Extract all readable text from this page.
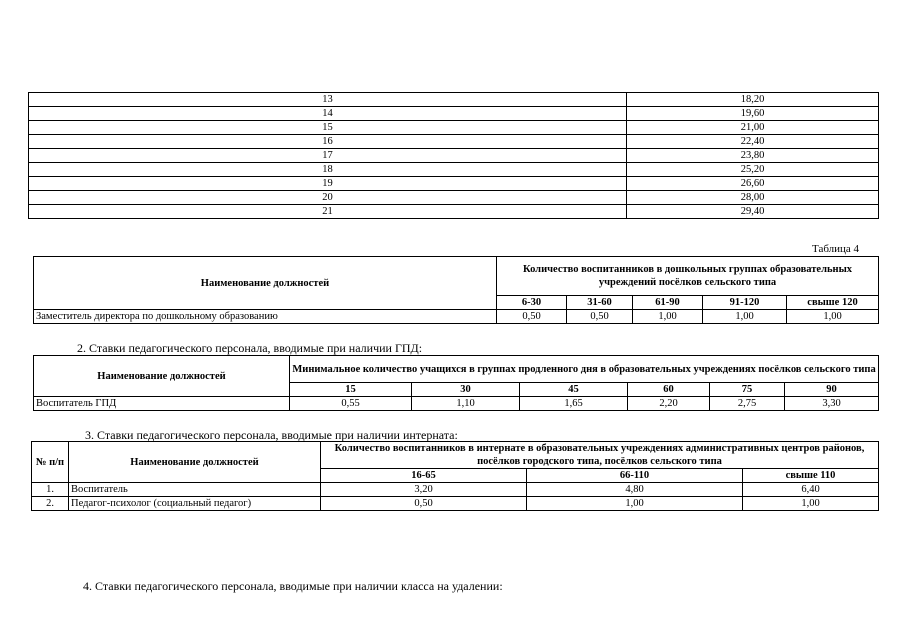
13	18,20
14	19,60
15	21,00
16	22,40
17	23,80
18	25,20
19	26,60
20	28,00
21	29,40
Таблица 4
Наименование должностей	Количество воспитанников в дошкольных группах образовательных учреждений посёлков сельского типа				
	6-30	31-60	61-90	91-120	свыше 120
Заместитель директора по дошкольному образованию	0,50	0,50	1,00	1,00	1,00
2. Ставки педагогического персонала, вводимые при наличии ГПД:
Наименование должностей	Минимальное количество учащихся в группах продленного дня в образовательных учреждениях посёлков сельского типа					
	15	30	45	60	75	90
Воспитатель ГПД	0,55	1,10	1,65	2,20	2,75	3,30
3. Ставки педагогического персонала, вводимые при наличии интерната:
№ п/п	Наименование должностей	Количество воспитанников в интернате в образовательных учреждениях административных центров районов, посёлков городского типа, посёлков сельского типа		
		16-65	66-110	свыше 110
1.	Воспитатель	3,20	4,80	6,40
2.	Педагог-психолог (социальный педагог)	0,50	1,00	1,00
4. Ставки педагогического персонала, вводимые при наличии класса на удалении:
